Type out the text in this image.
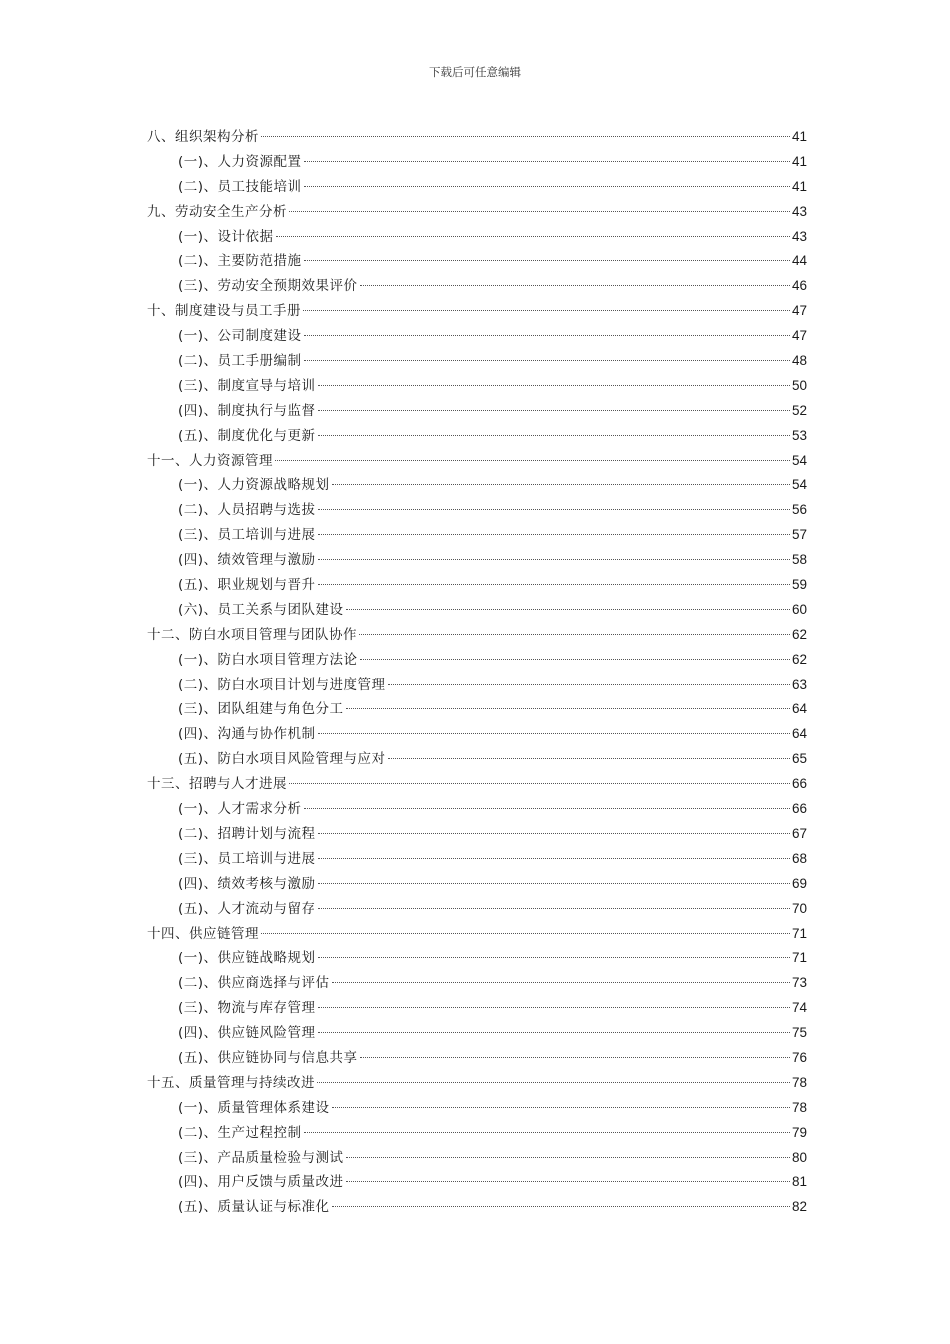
下载后可任意编辑
八、组织架构分析	41
(一)、人力资源配置	41
(二)、员工技能培训	41
九、劳动安全生产分析	43
(一)、设计依据	43
(二)、主要防范措施	44
(三)、劳动安全预期效果评价	46
十、制度建设与员工手册	47
(一)、公司制度建设	47
(二)、员工手册编制	48
(三)、制度宣导与培训	50
(四)、制度执行与监督	52
(五)、制度优化与更新	53
十一、人力资源管理	54
(一)、人力资源战略规划	54
(二)、人员招聘与选拔	56
(三)、员工培训与进展	57
(四)、绩效管理与激励	58
(五)、职业规划与晋升	59
(六)、员工关系与团队建设	60
十二、防白水项目管理与团队协作	62
(一)、防白水项目管理方法论	62
(二)、防白水项目计划与进度管理	63
(三)、团队组建与角色分工	64
(四)、沟通与协作机制	64
(五)、防白水项目风险管理与应对	65
十三、招聘与人才进展	66
(一)、人才需求分析	66
(二)、招聘计划与流程	67
(三)、员工培训与进展	68
(四)、绩效考核与激励	69
(五)、人才流动与留存	70
十四、供应链管理	71
(一)、供应链战略规划	71
(二)、供应商选择与评估	73
(三)、物流与库存管理	74
(四)、供应链风险管理	75
(五)、供应链协同与信息共享	76
十五、质量管理与持续改进	78
(一)、质量管理体系建设	78
(二)、生产过程控制	79
(三)、产品质量检验与测试	80
(四)、用户反馈与质量改进	81
(五)、质量认证与标准化	82
